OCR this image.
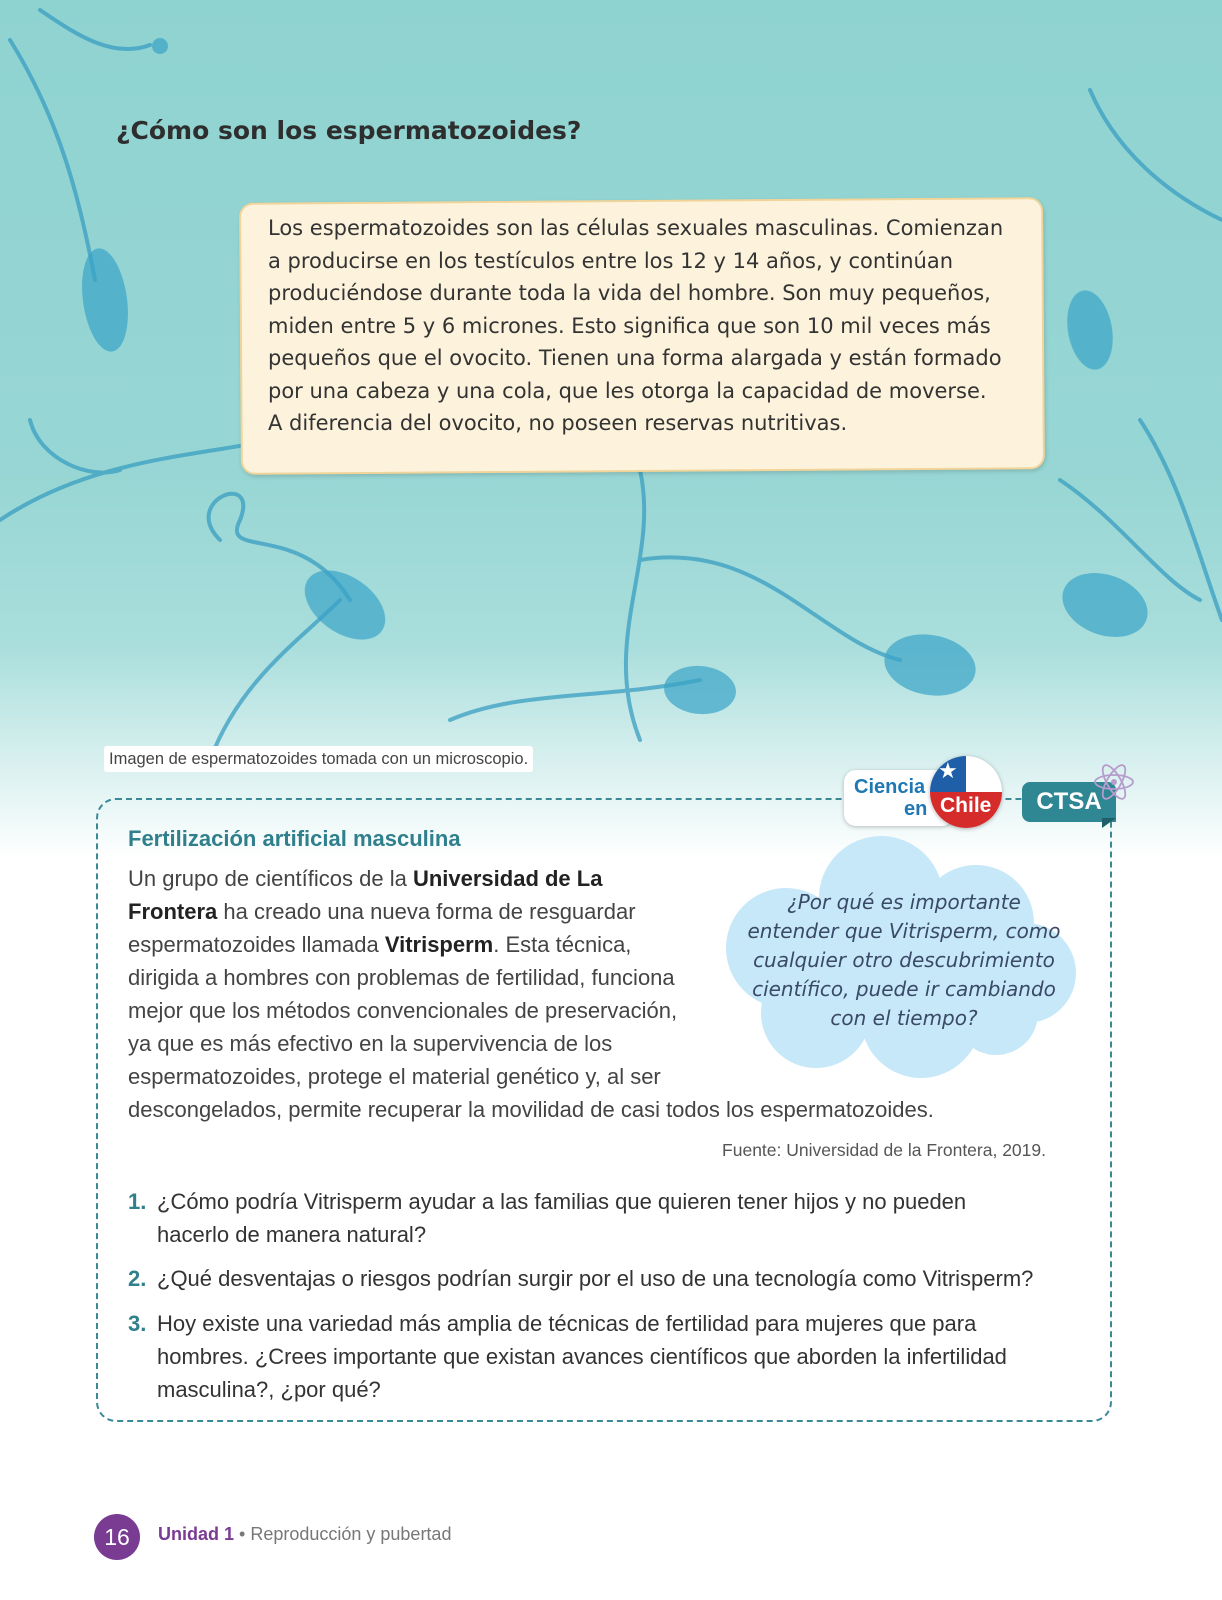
¿Cómo son los espermatozoides?
Los espermatozoides son las células sexuales masculinas. Comienzan
a producirse en los testículos entre los 12 y 14 años, y continúan
produciéndose durante toda la vida del hombre. Son muy pequeños,
miden entre 5 y 6 micrones. Esto significa que son 10 mil veces más
pequeños que el ovocito. Tienen una forma alargada y están formado
por una cabeza y una cola, que les otorga la capacidad de moverse.
A diferencia del ovocito, no poseen reservas nutritivas.
Imagen de espermatozoides tomada con un microscopio.
Ciencia
en
★
Chile	CTSA
Fertilización artificial masculina
¿Por qué es importante
entender que Vitrisperm, como
cualquier otro descubrimiento
científico, puede ir cambiando
con el tiempo?
Un grupo de científicos de la Universidad de La
Frontera ha creado una nueva forma de resguardar
espermatozoides llamada Vitrisperm. Esta técnica,
dirigida a hombres con problemas de fertilidad, funciona
mejor que los métodos convencionales de preservación,
ya que es más efectivo en la supervivencia de los
espermatozoides, protege el material genético y, al ser
descongelados, permite recuperar la movilidad de casi todos los espermatozoides.
Fuente: Universidad de la Frontera, 2019.
1. ¿Cómo podría Vitrisperm ayudar a las familias que quieren tener hijos y no pueden
hacerlo de manera natural?
2. ¿Qué desventajas o riesgos podrían surgir por el uso de una tecnología como Vitrisperm?
3. Hoy existe una variedad más amplia de técnicas de fertilidad para mujeres que para
hombres. ¿Crees importante que existan avances científicos que aborden la infertilidad
masculina?, ¿por qué?
16	Unidad 1 • Reproducción y pubertad
